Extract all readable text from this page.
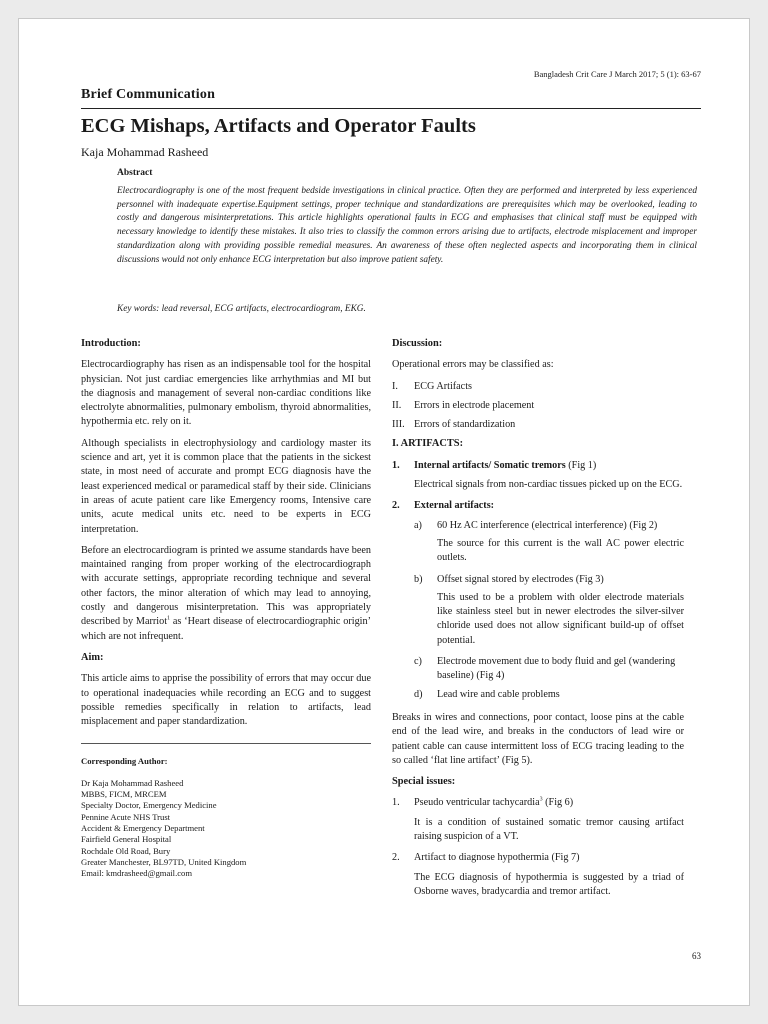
Bangladesh Crit Care J March 2017; 5 (1): 63-67
Brief Communication
ECG Mishaps, Artifacts and Operator Faults
Kaja Mohammad Rasheed
Abstract

Electrocardiography is one of the most frequent bedside investigations in clinical practice. Often they are performed and interpreted by less experienced personnel with inadequate expertise.Equipment settings, proper technique and standardizations are prerequisites which may be overlooked, leading to costly and dangerous misinterpretations. This article highlights operational faults in ECG and emphasises that clinical staff must be equipped with necessary knowledge to identify these mistakes. It also tries to classify the common errors arising due to artifacts, electrode misplacement and improper standardization along with providing possible remedial measures. An awareness of these often neglected aspects and incorporating them in clinical discussions would not only enhance ECG interpretation but also improve patient safety.

Key words: lead reversal, ECG artifacts, electrocardiogram, EKG.

Introduction:

Electrocardiography has risen as an indispensable tool for the hospital physician. Not just cardiac emergencies like arrhythmias and MI but the diagnosis and management of several non-cardiac conditions like electrolyte abnormalities, pulmonary embolism, thyroid abnormalities, hypothermia etc. rely on it.

Although specialists in electrophysiology and cardiology master its science and art, yet it is common place that the patients in the sickest state, in most need of accurate and prompt ECG diagnosis have the least experienced medical or paramedical staff by their side. Clinicians in areas of acute patient care like Emergency rooms, Intensive care units, acute medical units etc. need to be experts in ECG interpretation.

Before an electrocardiogram is printed we assume standards have been maintained ranging from proper working of the electrocardiograph with accurate settings, appropriate recording technique and several other factors, the minor alteration of which may lead to annoying, costly and dangerous misinterpretation. This was appropriately described by Marriot$^1$ as ‘Heart disease of electrocardiographic origin’ which are not infrequent.

Aim:

This article aims to apprise the possibility of errors that may occur due to operational inadequacies while recording an ECG and to suggest possible remedies specifically in relation to artifacts, lead misplacement and paper standardization.

Corresponding Author:
Dr Kaja Mohammad Rasheed
MBBS, FICM, MRCEM
Specialty Doctor, Emergency Medicine
Pennine Acute NHS Trust
Accident & Emergency Department
Fairfield General Hospital
Rochdale Old Road, Bury
Greater Manchester, BL97TD, United Kingdom
Email: kmdrasheed@gmail.com
Discussion:

Operational errors may be classified as:

I.	ECG Artifacts
II.	Errors in electrode placement
III. Errors of standardization
I. ARTIFACTS:
1.	Internal artifacts/ Somatic tremors (Fig 1)

Electrical signals from non-cardiac tissues picked up on the ECG.

2.	External artifacts:
a)	60 Hz AC interference (electrical interference) (Fig 2)

The source for this current is the wall AC power electric outlets.

b)	Offset signal stored by electrodes (Fig 3)

This used to be a problem with older electrode materials like stainless steel but in newer electrodes the silver-silver chloride used does not allow significant build-up of offset potential.

c)	Electrode movement due to body fluid and gel (wandering baseline) (Fig 4)
d)	Lead wire and cable problems

Breaks in wires and connections, poor contact, loose pins at the cable end of the lead wire, and breaks in the conductors of lead wire or patient cable can cause intermittent loss of ECG tracing leading to the so called ‘flat line artifact’ (Fig 5).

Special issues:
1.	Pseudo ventricular tachycardia$^3$ (Fig 6)

It is a condition of sustained somatic tremor causing artifact raising suspicion of a VT.

2.	Artifact to diagnose hypothermia (Fig 7)

The ECG diagnosis of hypothermia is suggested by a triad of Osborne waves, bradycardia and tremor artifact.

63
